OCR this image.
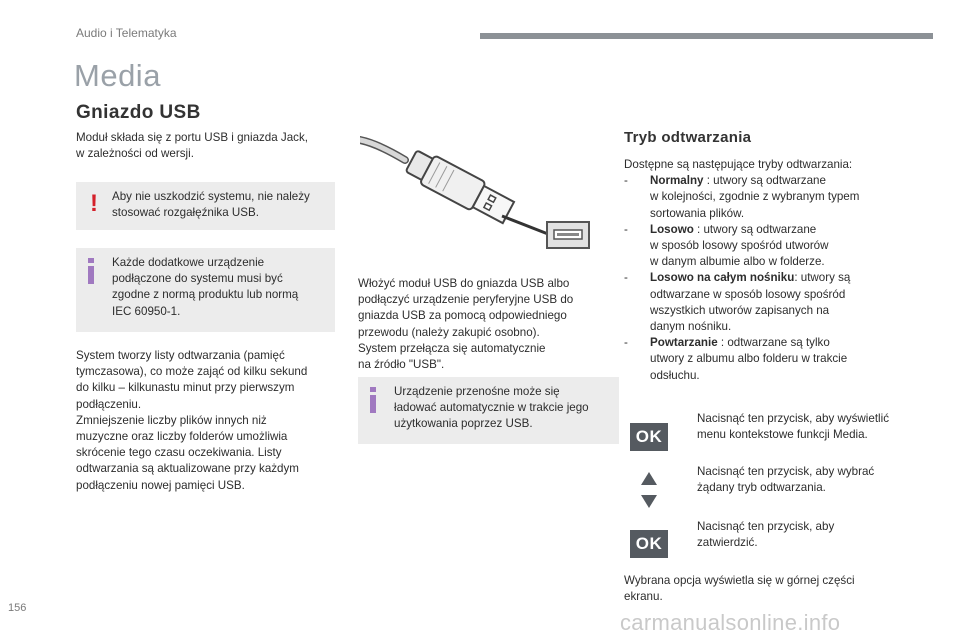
Audio i Telematyka
Media
Gniazdo USB
Moduł składa się z portu USB i gniazda Jack,
w zależności od wersji.
! Aby nie uszkodzić systemu, nie należy
stosować rozgałęźnika USB.
Każde dodatkowe urządzenie
podłączone do systemu musi być
zgodne z normą produktu lub normą
IEC 60950-1.
System tworzy listy odtwarzania (pamięć
tymczasowa), co może zająć od kilku sekund
do kilku – kilkunastu minut przy pierwszym
podłączeniu.
Zmniejszenie liczby plików innych niż
muzyczne oraz liczby folderów umożliwia
skrócenie tego czasu oczekiwania. Listy
odtwarzania są aktualizowane przy każdym
podłączeniu nowej pamięci USB.
Włożyć moduł USB do gniazda USB albo
podłączyć urządzenie peryferyjne USB do
gniazda USB za pomocą odpowiedniego
przewodu (należy zakupić osobno).
System przełącza się automatycznie
na źródło "USB".
Urządzenie przenośne może się
ładować automatycznie w trakcie jego
użytkowania poprzez USB.
Tryb odtwarzania
Dostępne są następujące tryby odtwarzania:
- Normalny : utwory są odtwarzane
w kolejności, zgodnie z wybranym typem
sortowania plików.
- Losowo : utwory są odtwarzane
w sposób losowy spośród utworów
w danym albumie albo w folderze.
- Losowo na całym nośniku: utwory są
odtwarzane w sposób losowy spośród
wszystkich utworów zapisanych na
danym nośniku.
- Powtarzanie : odtwarzane są tylko
utwory z albumu albo folderu w trakcie
odsłuchu.
OK
Nacisnąć ten przycisk, aby wyświetlić
menu kontekstowe funkcji Media.
Nacisnąć ten przycisk, aby wybrać
żądany tryb odtwarzania.
OK
Nacisnąć ten przycisk, aby
zatwierdzić.
Wybrana opcja wyświetla się w górnej części
ekranu.
156
carmanualsonline.info
